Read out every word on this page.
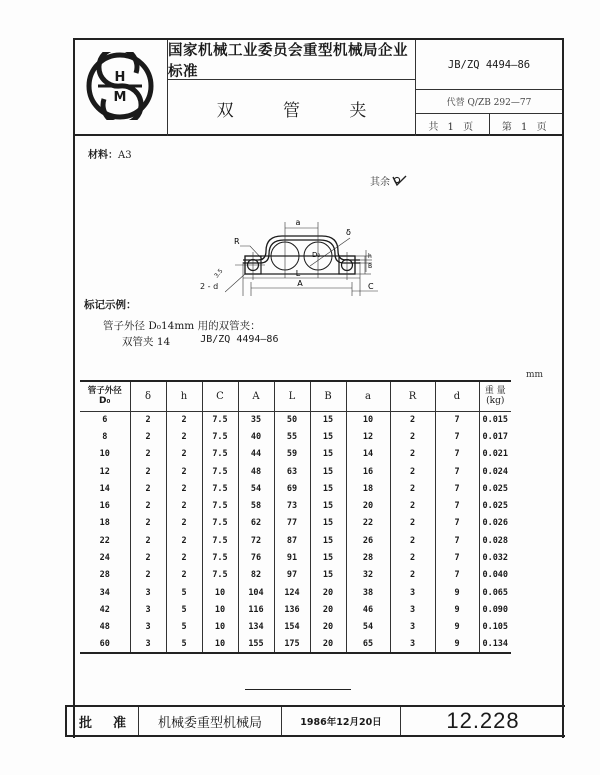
H
M
国家机械工业委员会重型机械局企业标准
双 管 夹
JB/ZQ 4494—86
代替 Q/ZB 292—77
共 1 页	第 1 页
材料：A3
其余
a
R
δ
D₀	h
L
A	C
B
2 - d
3.5
标记示例：
管子外径 D₀14mm 用的双管夹：
双管夹 14	JB/ZQ 4494—86
mm
管子外径
D₀	δ	h	C	A	L	B	a	R	d	重 量
(kg)

6	2	2	7.5	35	50	15	10	2	7	0.015
8	2	2	7.5	40	55	15	12	2	7	0.017
10	2	2	7.5	44	59	15	14	2	7	0.021
12	2	2	7.5	48	63	15	16	2	7	0.024
14	2	2	7.5	54	69	15	18	2	7	0.025
16	2	2	7.5	58	73	15	20	2	7	0.025
18	2	2	7.5	62	77	15	22	2	7	0.026
22	2	2	7.5	72	87	15	26	2	7	0.028
24	2	2	7.5	76	91	15	28	2	7	0.032
28	2	2	7.5	82	97	15	32	2	7	0.040
34	3	5	10	104	124	20	38	3	9	0.065
42	3	5	10	116	136	20	46	3	9	0.090
48	3	5	10	134	154	20	54	3	9	0.105
60	3	5	10	155	175	20	65	3	9	0.134
批 准	机械委重型机械局	1986年12月20日	12.228
